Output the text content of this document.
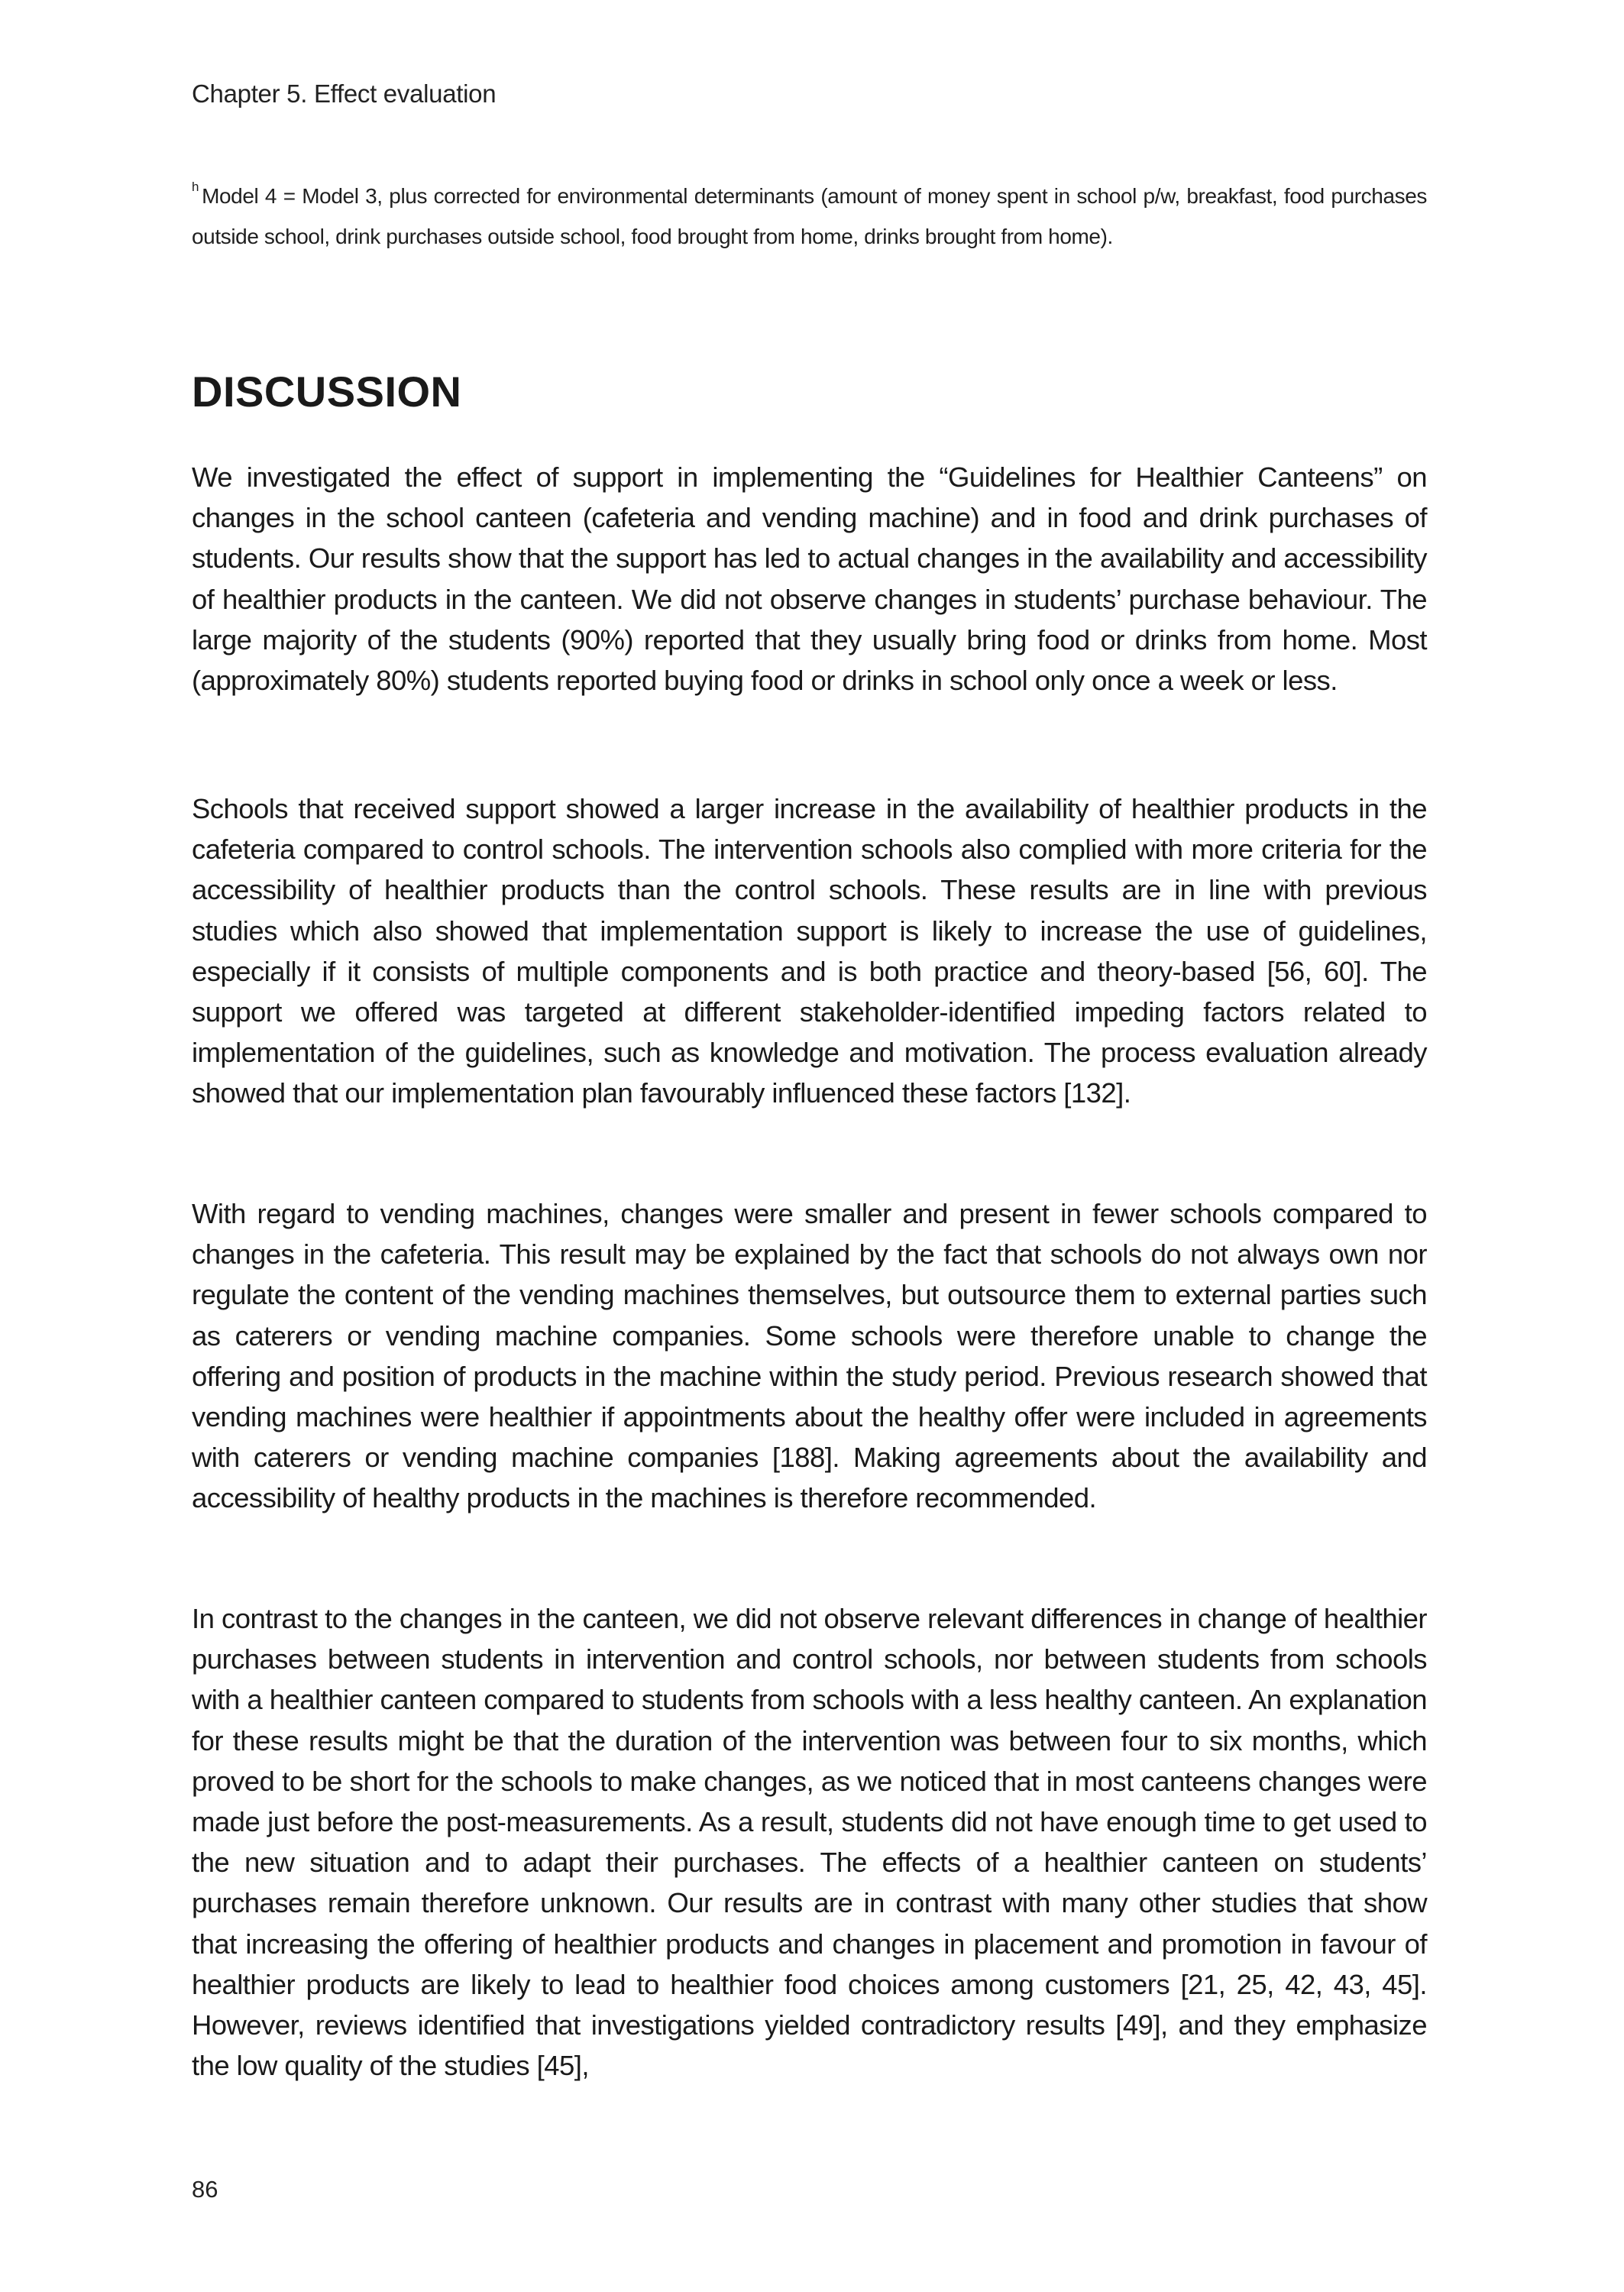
Chapter 5. Effect evaluation
$^h$ Model 4 = Model 3, plus corrected for environmental determinants (amount of money spent in school p/w, breakfast, food purchases outside school, drink purchases outside school, food brought from home, drinks brought from home).
DISCUSSION

We investigated the effect of support in implementing the “Guidelines for Healthier Canteens” on changes in the school canteen (cafeteria and vending machine) and in food and drink purchases of students. Our results show that the support has led to actual changes in the availability and accessibility of healthier products in the canteen. We did not observe changes in students’ purchase behaviour. The large majority of the students (90%) reported that they usually bring food or drinks from home. Most (approximately 80%) students reported buying food or drinks in school only once a week or less.

Schools that received support showed a larger increase in the availability of healthier products in the cafeteria compared to control schools. The intervention schools also complied with more criteria for the accessibility of healthier products than the control schools. These results are in line with previous studies which also showed that implementation support is likely to increase the use of guidelines, especially if it consists of multiple components and is both practice and theory-based [56, 60]. The support we offered was targeted at different stakeholder-identified impeding factors related to implementation of the guidelines, such as knowledge and motivation. The process evaluation already showed that our implementation plan favourably influenced these factors [132].

With regard to vending machines, changes were smaller and present in fewer schools compared to changes in the cafeteria. This result may be explained by the fact that schools do not always own nor regulate the content of the vending machines themselves, but outsource them to external parties such as caterers or vending machine companies. Some schools were therefore unable to change the offering and position of products in the machine within the study period. Previous research showed that vending machines were healthier if appointments about the healthy offer were included in agreements with caterers or vending machine companies [188]. Making agreements about the availability and accessibility of healthy products in the machines is therefore recommended.

In contrast to the changes in the canteen, we did not observe relevant differences in change of healthier purchases between students in intervention and control schools, nor between students from schools with a healthier canteen compared to students from schools with a less healthy canteen. An explanation for these results might be that the duration of the intervention was between four to six months, which proved to be short for the schools to make changes, as we noticed that in most canteens changes were made just before the post-measurements. As a result, students did not have enough time to get used to the new situation and to adapt their purchases. The effects of a healthier canteen on students’ purchases remain therefore unknown. Our results are in contrast with many other studies that show that increasing the offering of healthier products and changes in placement and promotion in favour of healthier products are likely to lead to healthier food choices among customers [21, 25, 42, 43, 45]. However, reviews identified that investigations yielded contradictory results [49], and they emphasize the low quality of the studies [45],

86
